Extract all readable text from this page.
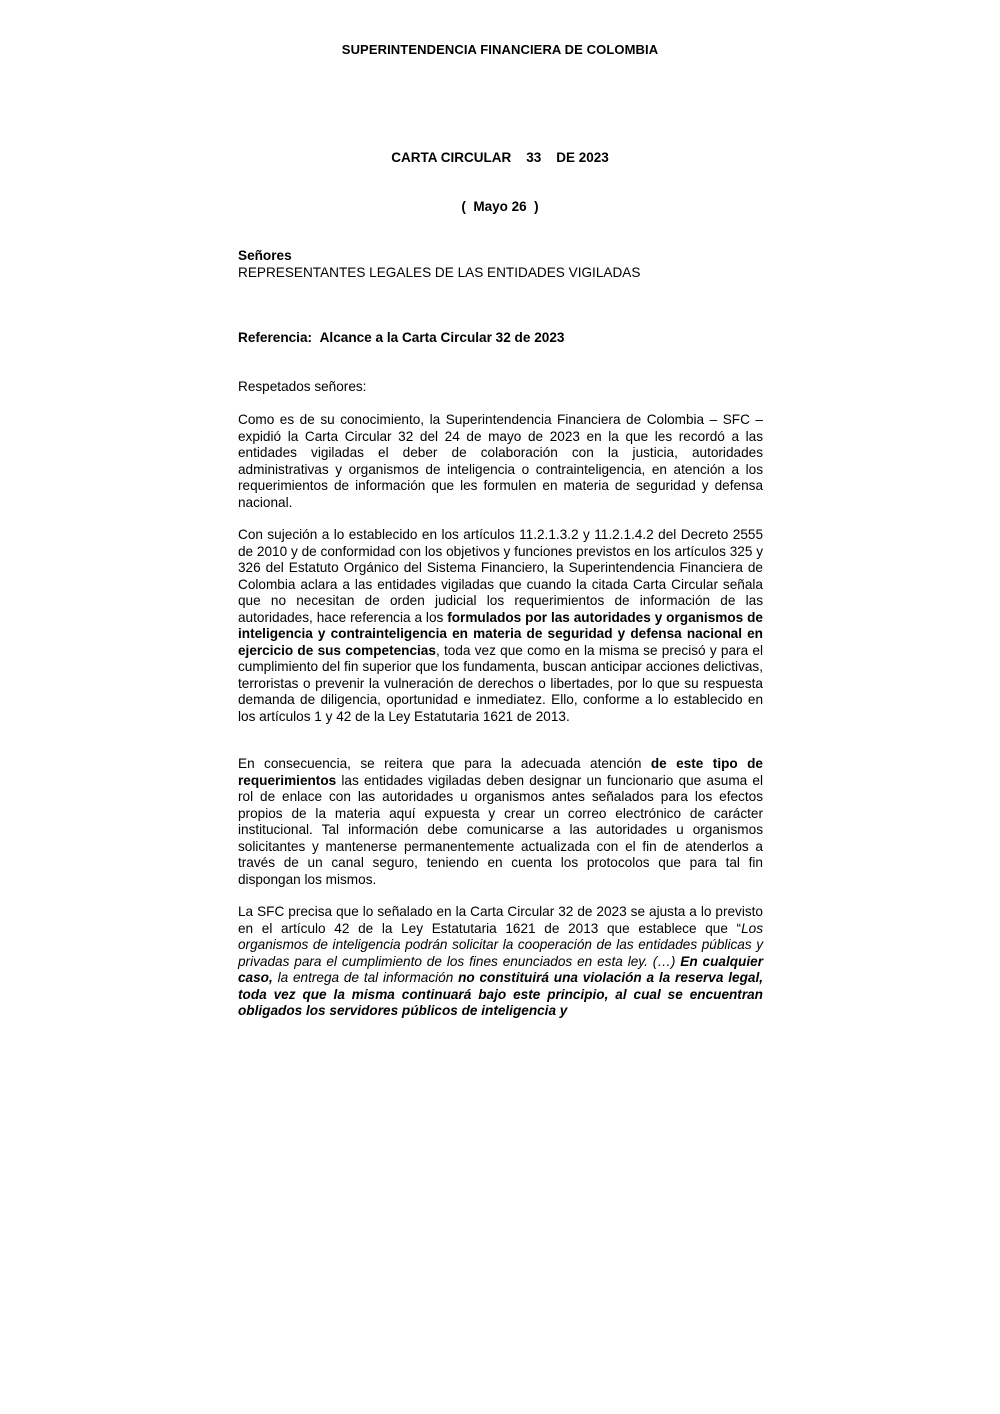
SUPERINTENDENCIA FINANCIERA DE COLOMBIA
CARTA CIRCULAR 33 DE 2023
(  Mayo 26  )
Señores
REPRESENTANTES LEGALES DE LAS ENTIDADES VIGILADAS
Referencia: Alcance a la Carta Circular 32 de 2023
Respetados señores:

Como es de su conocimiento, la Superintendencia Financiera de Colombia – SFC – expidió la Carta Circular 32 del 24 de mayo de 2023 en la que les recordó a las entidades vigiladas el deber de colaboración con la justicia, autoridades administrativas y organismos de inteligencia o contrainteligencia, en atención a los requerimientos de información que les formulen en materia de seguridad y defensa nacional.

Con sujeción a lo establecido en los artículos 11.2.1.3.2 y 11.2.1.4.2 del Decreto 2555 de 2010 y de conformidad con los objetivos y funciones previstos en los artículos 325 y 326 del Estatuto Orgánico del Sistema Financiero, la Superintendencia Financiera de Colombia aclara a las entidades vigiladas que cuando la citada Carta Circular señala que no necesitan de orden judicial los requerimientos de información de las autoridades, hace referencia a los formulados por las autoridades y organismos de inteligencia y contrainteligencia en materia de seguridad y defensa nacional en ejercicio de sus competencias, toda vez que como en la misma se precisó y para el cumplimiento del fin superior que los fundamenta, buscan anticipar acciones delictivas, terroristas o prevenir la vulneración de derechos o libertades, por lo que su respuesta demanda de diligencia, oportunidad e inmediatez. Ello, conforme a lo establecido en los artículos 1 y 42 de la Ley Estatutaria 1621 de 2013.

En consecuencia, se reitera que para la adecuada atención de este tipo de requerimientos las entidades vigiladas deben designar un funcionario que asuma el rol de enlace con las autoridades u organismos antes señalados para los efectos propios de la materia aquí expuesta y crear un correo electrónico de carácter institucional. Tal información debe comunicarse a las autoridades u organismos solicitantes y mantenerse permanentemente actualizada con el fin de atenderlos a través de un canal seguro, teniendo en cuenta los protocolos que para tal fin dispongan los mismos.

La SFC precisa que lo señalado en la Carta Circular 32 de 2023 se ajusta a lo previsto en el artículo 42 de la Ley Estatutaria 1621 de 2013 que establece que “Los organismos de inteligencia podrán solicitar la cooperación de las entidades públicas y privadas para el cumplimiento de los fines enunciados en esta ley. (…) En cualquier caso, la entrega de tal información no constituirá una violación a la reserva legal, toda vez que la misma continuará bajo este principio, al cual se encuentran obligados los servidores públicos de inteligencia y
